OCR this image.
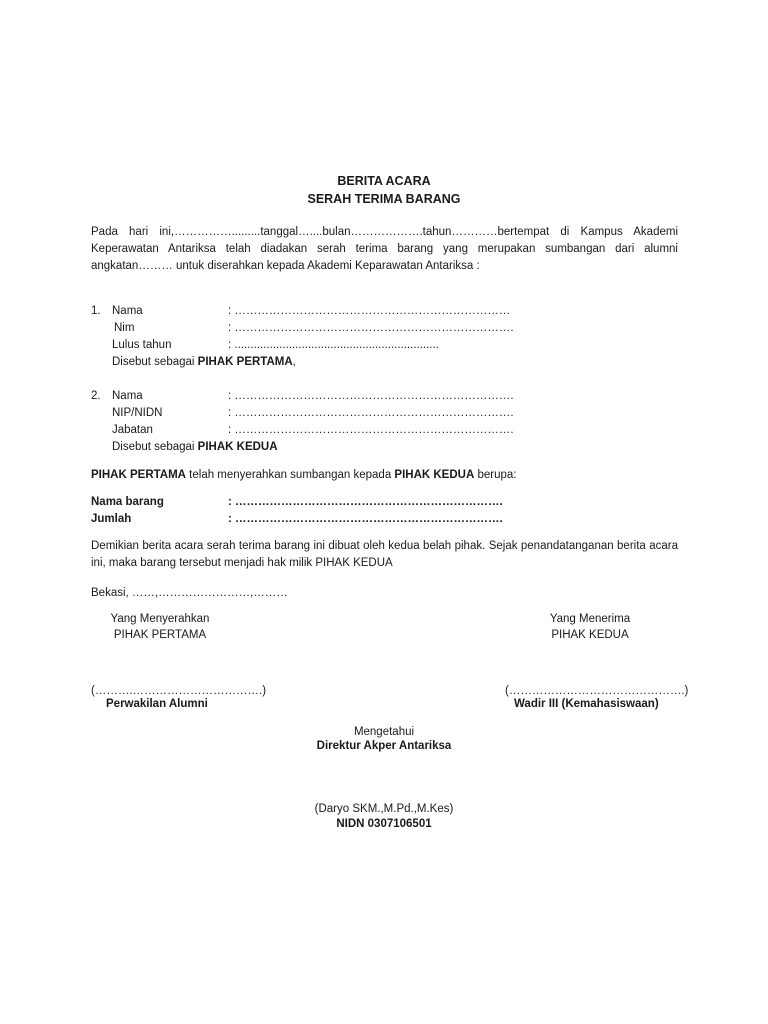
BERITA ACARA
SERAH TERIMA BARANG

Pada hari ini,…………….........tanggal…....bulan……………….tahun…………bertempat di Kampus Akademi Keperawatan Antariksa telah diadakan serah terima barang yang merupakan sumbangan dari alumni angkatan……… untuk diserahkan kepada Akademi Keparawatan Antariksa :

1. Nama	: ………………………………………………………………
Nim	: ……………………………………………………………….
Lulus tahun	: ................................................................
Disebut sebagai PIHAK PERTAMA,
2. Nama	: ……………………………………………………………….
NIP/NIDN	: ……………………………………………………………….
Jabatan	: ……………………………………………………………….
Disebut sebagai PIHAK KEDUA
PIHAK PERTAMA telah menyerahkan sumbangan kepada PIHAK KEDUA berupa:
Nama barang	: …………………………………………………………….
Jumlah	: …………………………………………………………….

Demikian berita acara serah terima barang ini dibuat oleh kedua belah pihak. Sejak penandatanganan berita acara ini, maka barang tersebut menjadi hak milik PIHAK KEDUA

Bekasi, ……,……………………,………
Yang Menyerahkan
PIHAK PERTAMA
(……….…………………………….)
Perwakilan Alumni
Yang Menerima
PIHAK KEDUA
(……………………………………….)
Wadir III (Kemahasiswaan)
Mengetahui
Direktur Akper Antariksa
(Daryo SKM.,M.Pd.,M.Kes)
NIDN 0307106501
